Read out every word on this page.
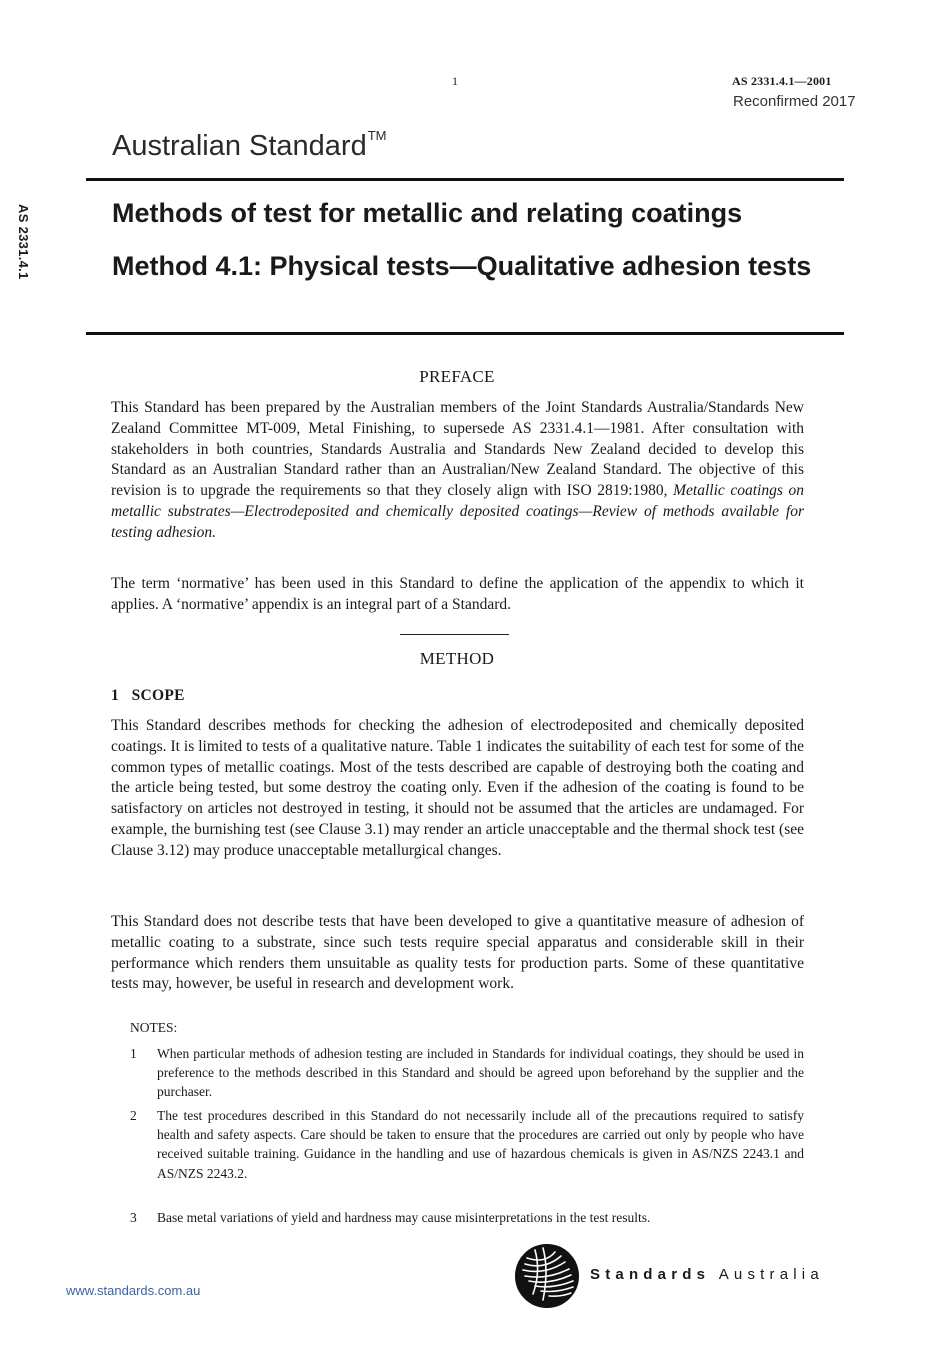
1	AS 2331.4.1—2001
Reconfirmed 2017
Australian Standard™
AS 2331.4.1	Methods of test for metallic and relating coatings
Method 4.1: Physical tests—Qualitative adhesion tests
PREFACE
This Standard has been prepared by the Australian members of the Joint Standards Australia/Standards New Zealand Committee MT-009, Metal Finishing, to supersede AS 2331.4.1—1981. After consultation with stakeholders in both countries, Standards Australia and Standards New Zealand decided to develop this Standard as an Australian Standard rather than an Australian/New Zealand Standard. The objective of this revision is to upgrade the requirements so that they closely align with ISO 2819:1980, Metallic coatings on metallic substrates—Electrodeposited and chemically deposited coatings—Review of methods available for testing adhesion.
The term ‘normative’ has been used in this Standard to define the application of the appendix to which it applies. A ‘normative’ appendix is an integral part of a Standard.
METHOD
1   SCOPE
This Standard describes methods for checking the adhesion of electrodeposited and chemically deposited coatings. It is limited to tests of a qualitative nature. Table 1 indicates the suitability of each test for some of the common types of metallic coatings. Most of the tests described are capable of destroying both the coating and the article being tested, but some destroy the coating only. Even if the adhesion of the coating is found to be satisfactory on articles not destroyed in testing, it should not be assumed that the articles are undamaged. For example, the burnishing test (see Clause 3.1) may render an article unacceptable and the thermal shock test (see Clause 3.12) may produce unacceptable metallurgical changes.
This Standard does not describe tests that have been developed to give a quantitative measure of adhesion of metallic coating to a substrate, since such tests require special apparatus and considerable skill in their performance which renders them unsuitable as quality tests for production parts. Some of these quantitative tests may, however, be useful in research and development work.
NOTES:
1	When particular methods of adhesion testing are included in Standards for individual coatings, they should be used in preference to the methods described in this Standard and should be agreed upon beforehand by the supplier and the purchaser.
2	The test procedures described in this Standard do not necessarily include all of the precautions required to satisfy health and safety aspects. Care should be taken to ensure that the procedures are carried out only by people who have received suitable training. Guidance in the handling and use of hazardous chemicals is given in AS/NZS 2243.1 and AS/NZS 2243.2.
3	Base metal variations of yield and hardness may cause misinterpretations in the test results.
www.standards.com.au
Standards Australia
